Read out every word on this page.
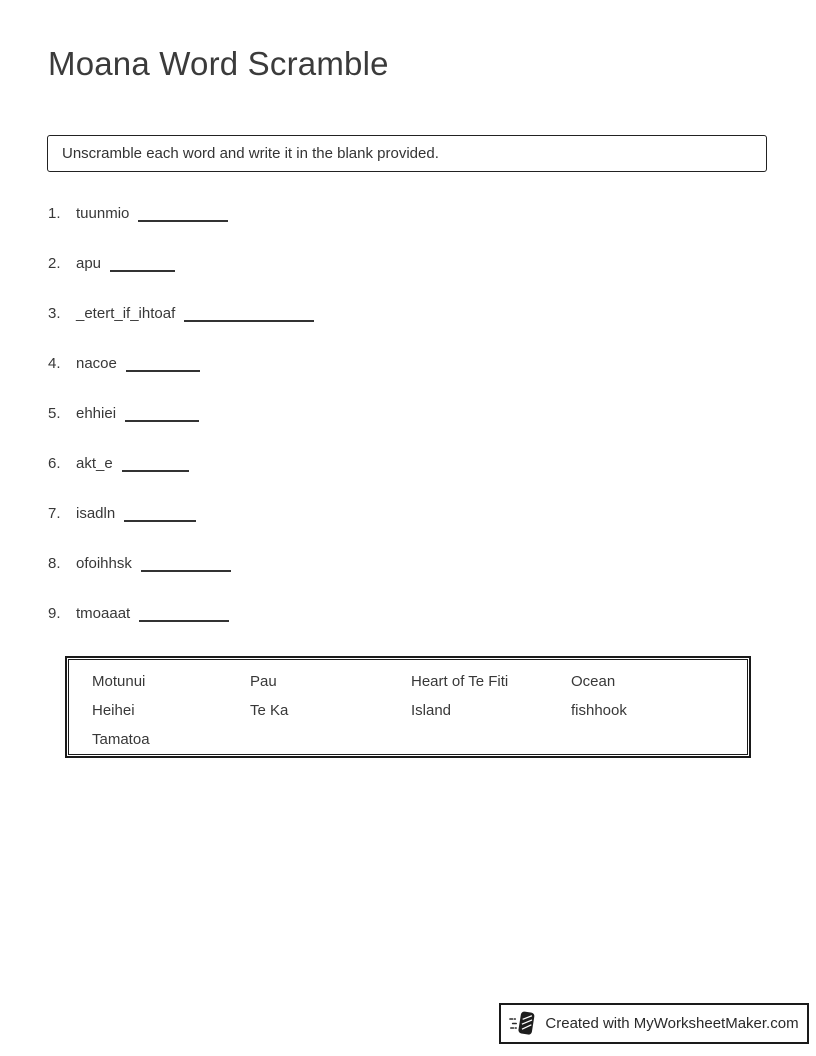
Moana Word Scramble
Unscramble each word and write it in the blank provided.
1. tuunmio
2. apu
3. _etert_if_ihtoaf
4. nacoe
5. ehhiei
6. akt_e
7. isadln
8. ofoihhsk
9. tmoaaat
Motunui	Pau	Heart of Te Fiti	Ocean
Heihei	Te Ka	Island	fishhook
Tamatoa
Created with MyWorksheetMaker.com
